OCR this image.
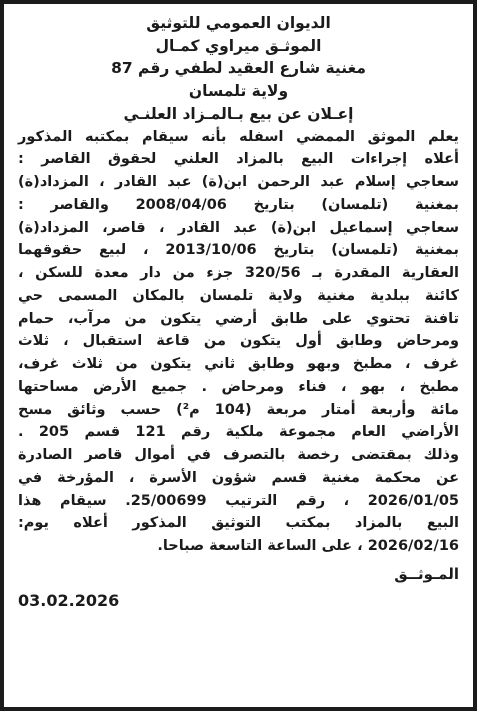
الديوان العمومي للتوثيق

الموثـق ميراوي كمـال

مغنية شارع العقيد لطفي رقم 87

ولاية تلمسان

إعـلان عن بيع بـالمـزاد العلنـي

يعلم الموثق الممضي اسفله بأنه سيقام بمكتبه المذكور

أعلاه إجراءات البيع بالمزاد العلني لحقوق القاصر :

سعاجي إسلام عبد الرحمن ابن(ة) عبد القادر ، المزداد(ة)

بمغنية (تلمسان) بتاريخ 2008/04/06 والقاصر :

سعاجي إسماعيل ابن(ة) عبد القادر ، قاصر، المزداد(ة)

بمغنية (تلمسان) بتاريخ 2013/10/06 ، لبيع حقوقهما

العقارية المقدرة بـ 320/56 جزء من دار معدة للسكن ،

كائنة ببلدية مغنية ولاية تلمسان بالمكان المسمى حي

تافنة تحتوي على طابق أرضي يتكون من مرآب، حمام

ومرحاض وطابق أول يتكون من قاعة استقبال ، ثلاث

غرف ، مطبخ وبهو وطابق ثاني يتكون من ثلاث غرف،

مطبخ ، بهو ، فناء ومرحاض . جميع الأرض مساحتها

مائة وأربعة أمتار مربعة (104 م²) حسب وثائق مسح

الأراضي العام مجموعة ملكية رقم 121 قسم 205 .

وذلك بمقتضى رخصة بالتصرف في أموال قاصر الصادرة

عن محكمة مغنية قسم شؤون الأسرة ، المؤرخة في

2026/01/05 ، رقم الترتيب 25/00699. سيقام هذا

البيع بالمزاد بمكتب التوثيق المذكور أعلاه يوم:

2026/02/16 ، على الساعة التاسعة صباحا.

المـوثــق

03.02.2026
